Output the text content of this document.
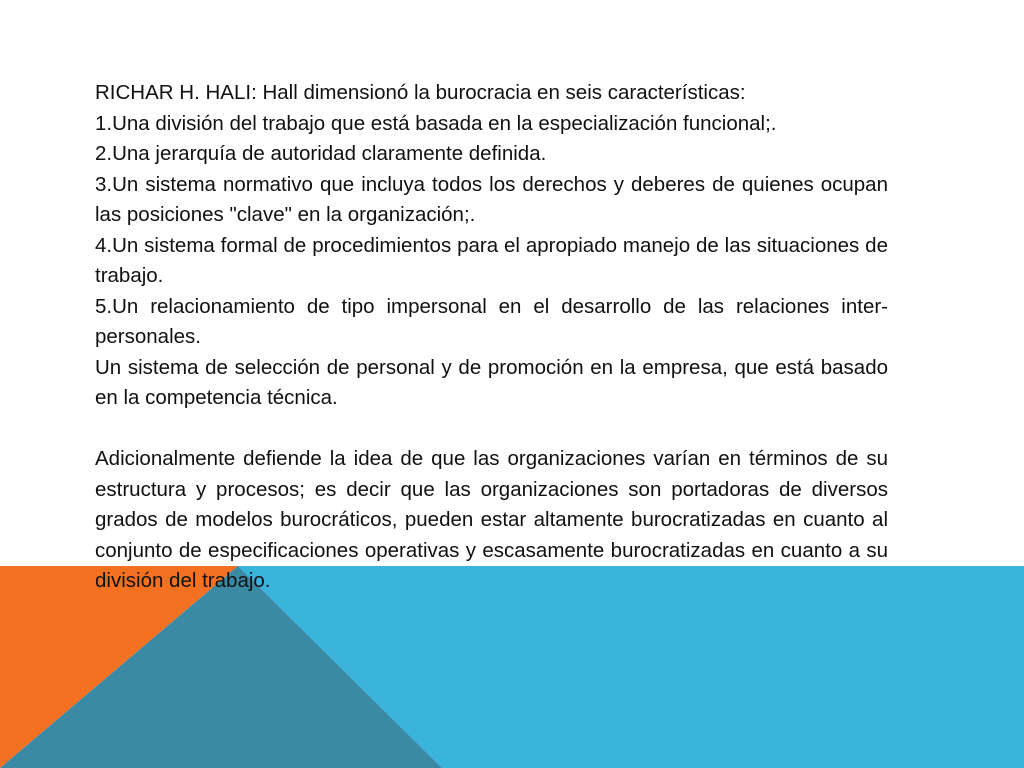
RICHAR H. HALI: Hall dimensionó la burocracia en seis características:

1.Una división del trabajo que está basada en la especialización funcional;.

2.Una jerarquía de autoridad claramente definida.

3.Un sistema normativo que incluya todos los derechos y deberes de quienes ocupan las posiciones "clave" en la organización;.

4.Un sistema formal de procedimientos para el apropiado manejo de las situaciones de trabajo.

5.Un relacionamiento de tipo impersonal en el desarrollo de las relaciones inter-personales.

Un sistema de selección de personal y de promoción en la empresa, que está basado en la competencia técnica.

Adicionalmente defiende la idea de que las organizaciones varían en términos de su estructura y procesos; es decir que las organizaciones son portadoras de diversos grados de modelos burocráticos, pueden estar altamente burocratizadas en cuanto al conjunto de especificaciones operativas y escasamente burocratizadas en cuanto a su división del trabajo.
